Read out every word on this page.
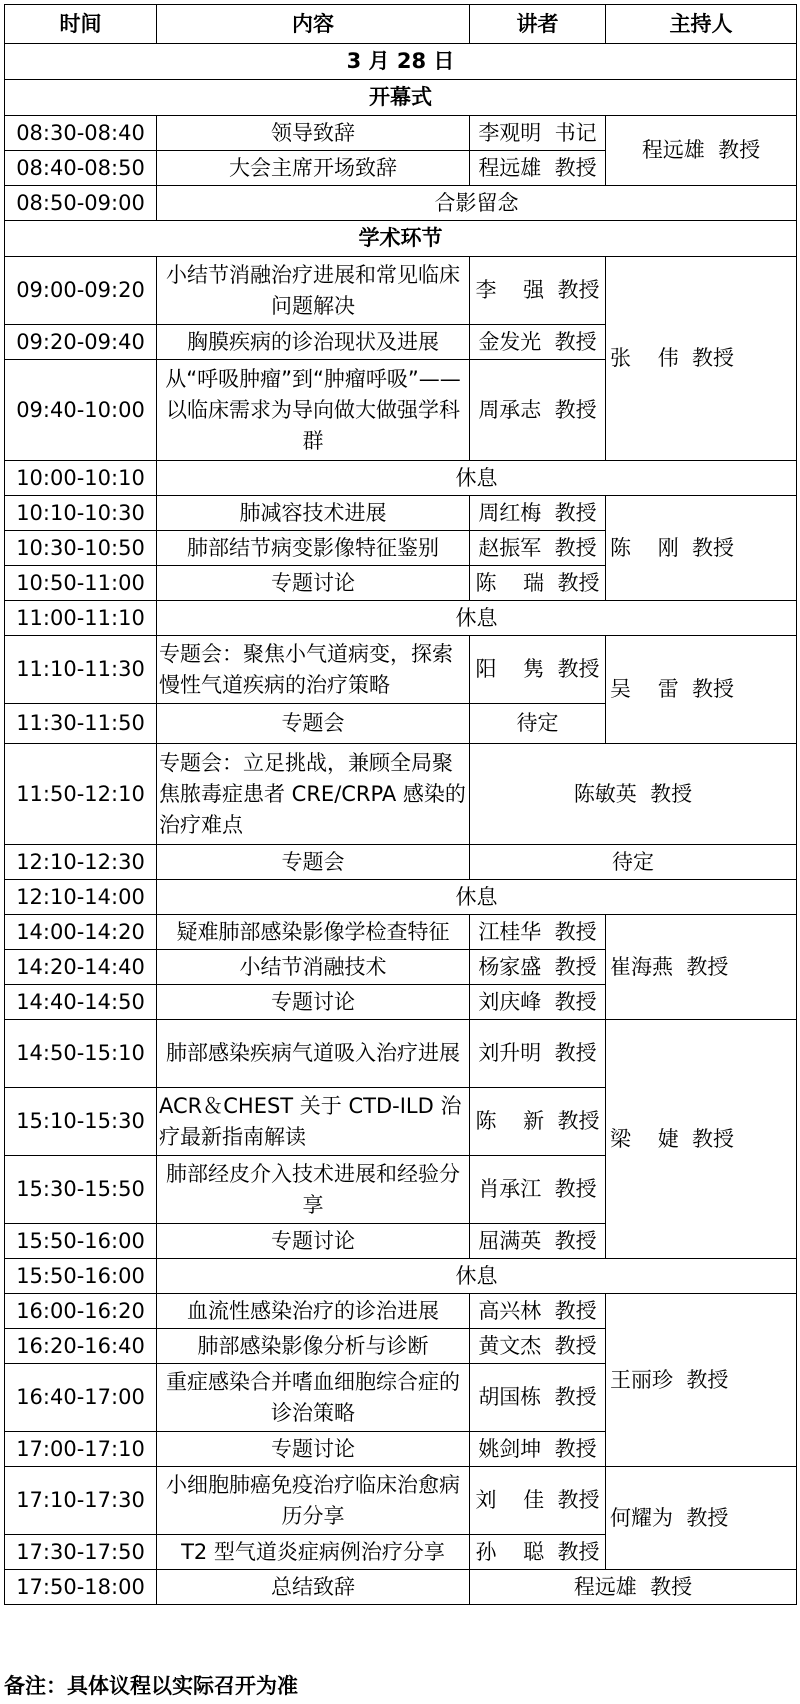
时间	内容	讲者	主持人
3 月 28 日			
开幕式			
08:30-08:40	领导致辞	李观明  书记	程远雄  教授
08:40-08:50	大会主席开场致辞	程远雄  教授	
08:50-09:00	合影留念		
学术环节			
09:00-09:20	小结节消融治疗进展和常见临床问题解决	李    强  教授	张    伟  教授
09:20-09:40	胸膜疾病的诊治现状及进展	金发光  教授	
09:40-10:00	从“呼吸肿瘤”到“肿瘤呼吸”——以临床需求为导向做大做强学科群	周承志  教授	
10:00-10:10	休息		
10:10-10:30	肺减容技术进展	周红梅  教授	陈    刚  教授
10:30-10:50	肺部结节病变影像特征鉴别	赵振军  教授	
10:50-11:00	专题讨论	陈    瑞  教授	
11:00-11:10	休息		
11:10-11:30	专题会：聚焦小气道病变，探索慢性气道疾病的治疗策略	阳    隽  教授	吴    雷  教授
11:30-11:50	专题会	待定	
11:50-12:10	专题会：立足挑战，兼顾全局聚焦脓毒症患者 CRE/CRPA 感染的治疗难点	陈敏英  教授	
12:10-12:30	专题会	待定	
12:10-14:00	休息		
14:00-14:20	疑难肺部感染影像学检查特征	江桂华  教授	崔海燕  教授
14:20-14:40	小结节消融技术	杨家盛  教授	
14:40-14:50	专题讨论	刘庆峰  教授	
14:50-15:10	肺部感染疾病气道吸入治疗进展	刘升明  教授	梁    婕  教授
15:10-15:30	ACR＆CHEST 关于 CTD-ILD 治疗最新指南解读	陈    新  教授	
15:30-15:50	肺部经皮介入技术进展和经验分享	肖承江  教授	
15:50-16:00	专题讨论	屈满英  教授	
15:50-16:00	休息		
16:00-16:20	血流性感染治疗的诊治进展	高兴林  教授	王丽珍  教授
16:20-16:40	肺部感染影像分析与诊断	黄文杰  教授	
16:40-17:00	重症感染合并嗜血细胞综合症的诊治策略	胡国栋  教授	
17:00-17:10	专题讨论	姚剑坤  教授	
17:10-17:30	小细胞肺癌免疫治疗临床治愈病历分享	刘    佳  教授	何耀为  教授
17:30-17:50	T2 型气道炎症病例治疗分享	孙    聪  教授	
17:50-18:00	总结致辞	程远雄  教授	
备注：具体议程以实际召开为准
